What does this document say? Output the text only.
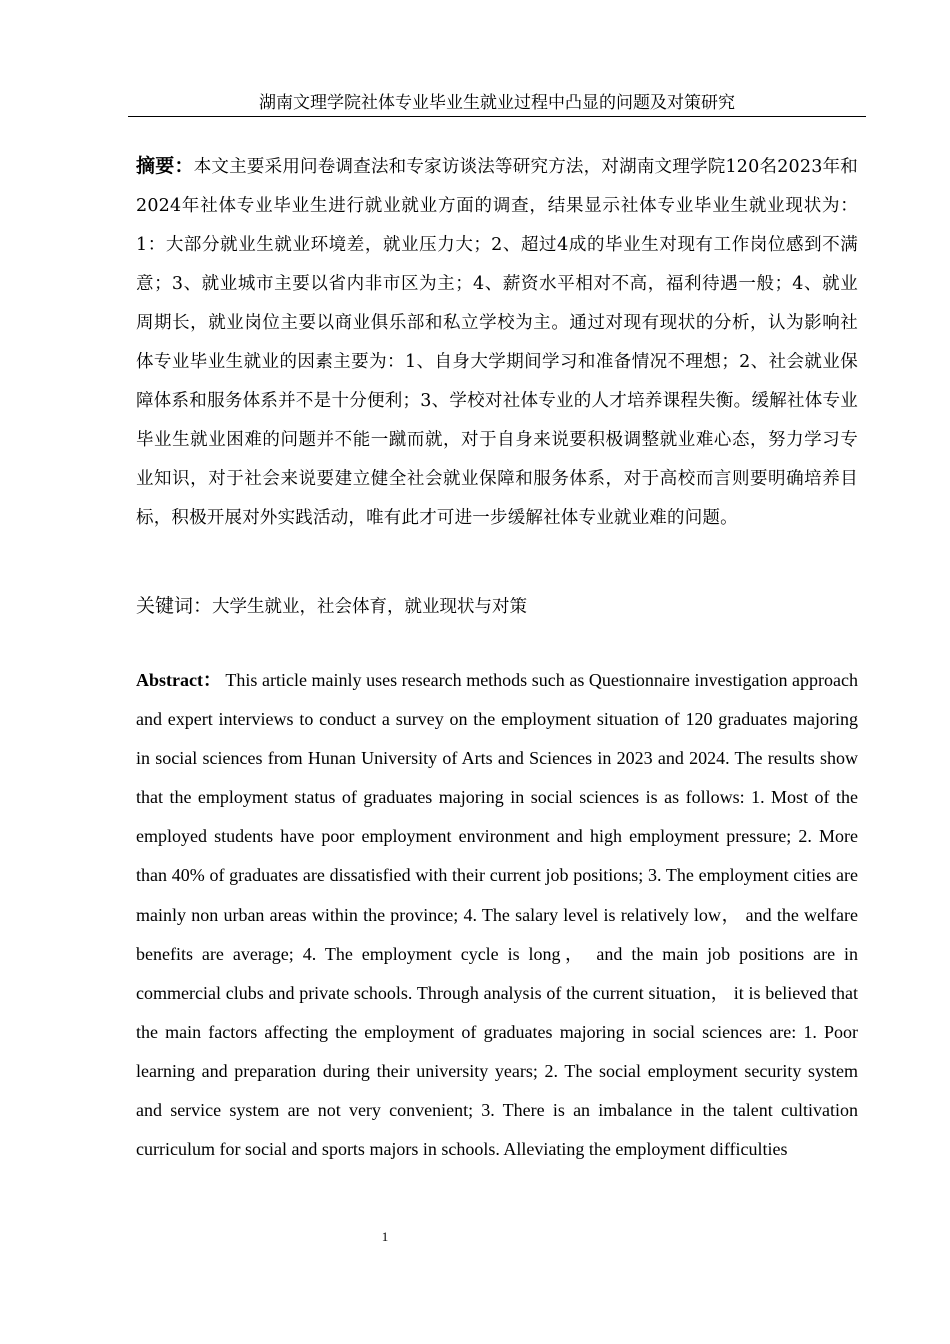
湖南文理学院社体专业毕业生就业过程中凸显的问题及对策研究
摘要：本文主要采用问卷调查法和专家访谈法等研究方法，对湖南文理学院120名2023年和2024年社体专业毕业生进行就业就业方面的调查，结果显示社体专业毕业生就业现状为：1：大部分就业生就业环境差，就业压力大；2、超过4成的毕业生对现有工作岗位感到不满意；3、就业城市主要以省内非市区为主；4、薪资水平相对不高，福利待遇一般；4、就业周期长，就业岗位主要以商业俱乐部和私立学校为主。通过对现有现状的分析，认为影响社体专业毕业生就业的因素主要为：1、自身大学期间学习和准备情况不理想；2、社会就业保障体系和服务体系并不是十分便利；3、学校对社体专业的人才培养课程失衡。缓解社体专业毕业生就业困难的问题并不能一蹴而就，对于自身来说要积极调整就业难心态，努力学习专业知识，对于社会来说要建立健全社会就业保障和服务体系，对于高校而言则要明确培养目标，积极开展对外实践活动，唯有此才可进一步缓解社体专业就业难的问题。
关键词：大学生就业，社会体育，就业现状与对策
Abstract： This article mainly uses research methods such as Questionnaire investigation approach and expert interviews to conduct a survey on the employment situation of 120 graduates majoring in social sciences from Hunan University of Arts and Sciences in 2023 and 2024. The results show that the employment status of graduates majoring in social sciences is as follows: 1. Most of the employed students have poor employment environment and high employment pressure; 2. More than 40% of graduates are dissatisfied with their current job positions; 3. The employment cities are mainly non urban areas within the province; 4. The salary level is relatively low， and the welfare benefits are average; 4. The employment cycle is long， and the main job positions are in commercial clubs and private schools. Through analysis of the current situation， it is believed that the main factors affecting the employment of graduates majoring in social sciences are: 1. Poor learning and preparation during their university years; 2. The social employment security system and service system are not very convenient; 3. There is an imbalance in the talent cultivation curriculum for social and sports majors in schools. Alleviating the employment difficulties
1
